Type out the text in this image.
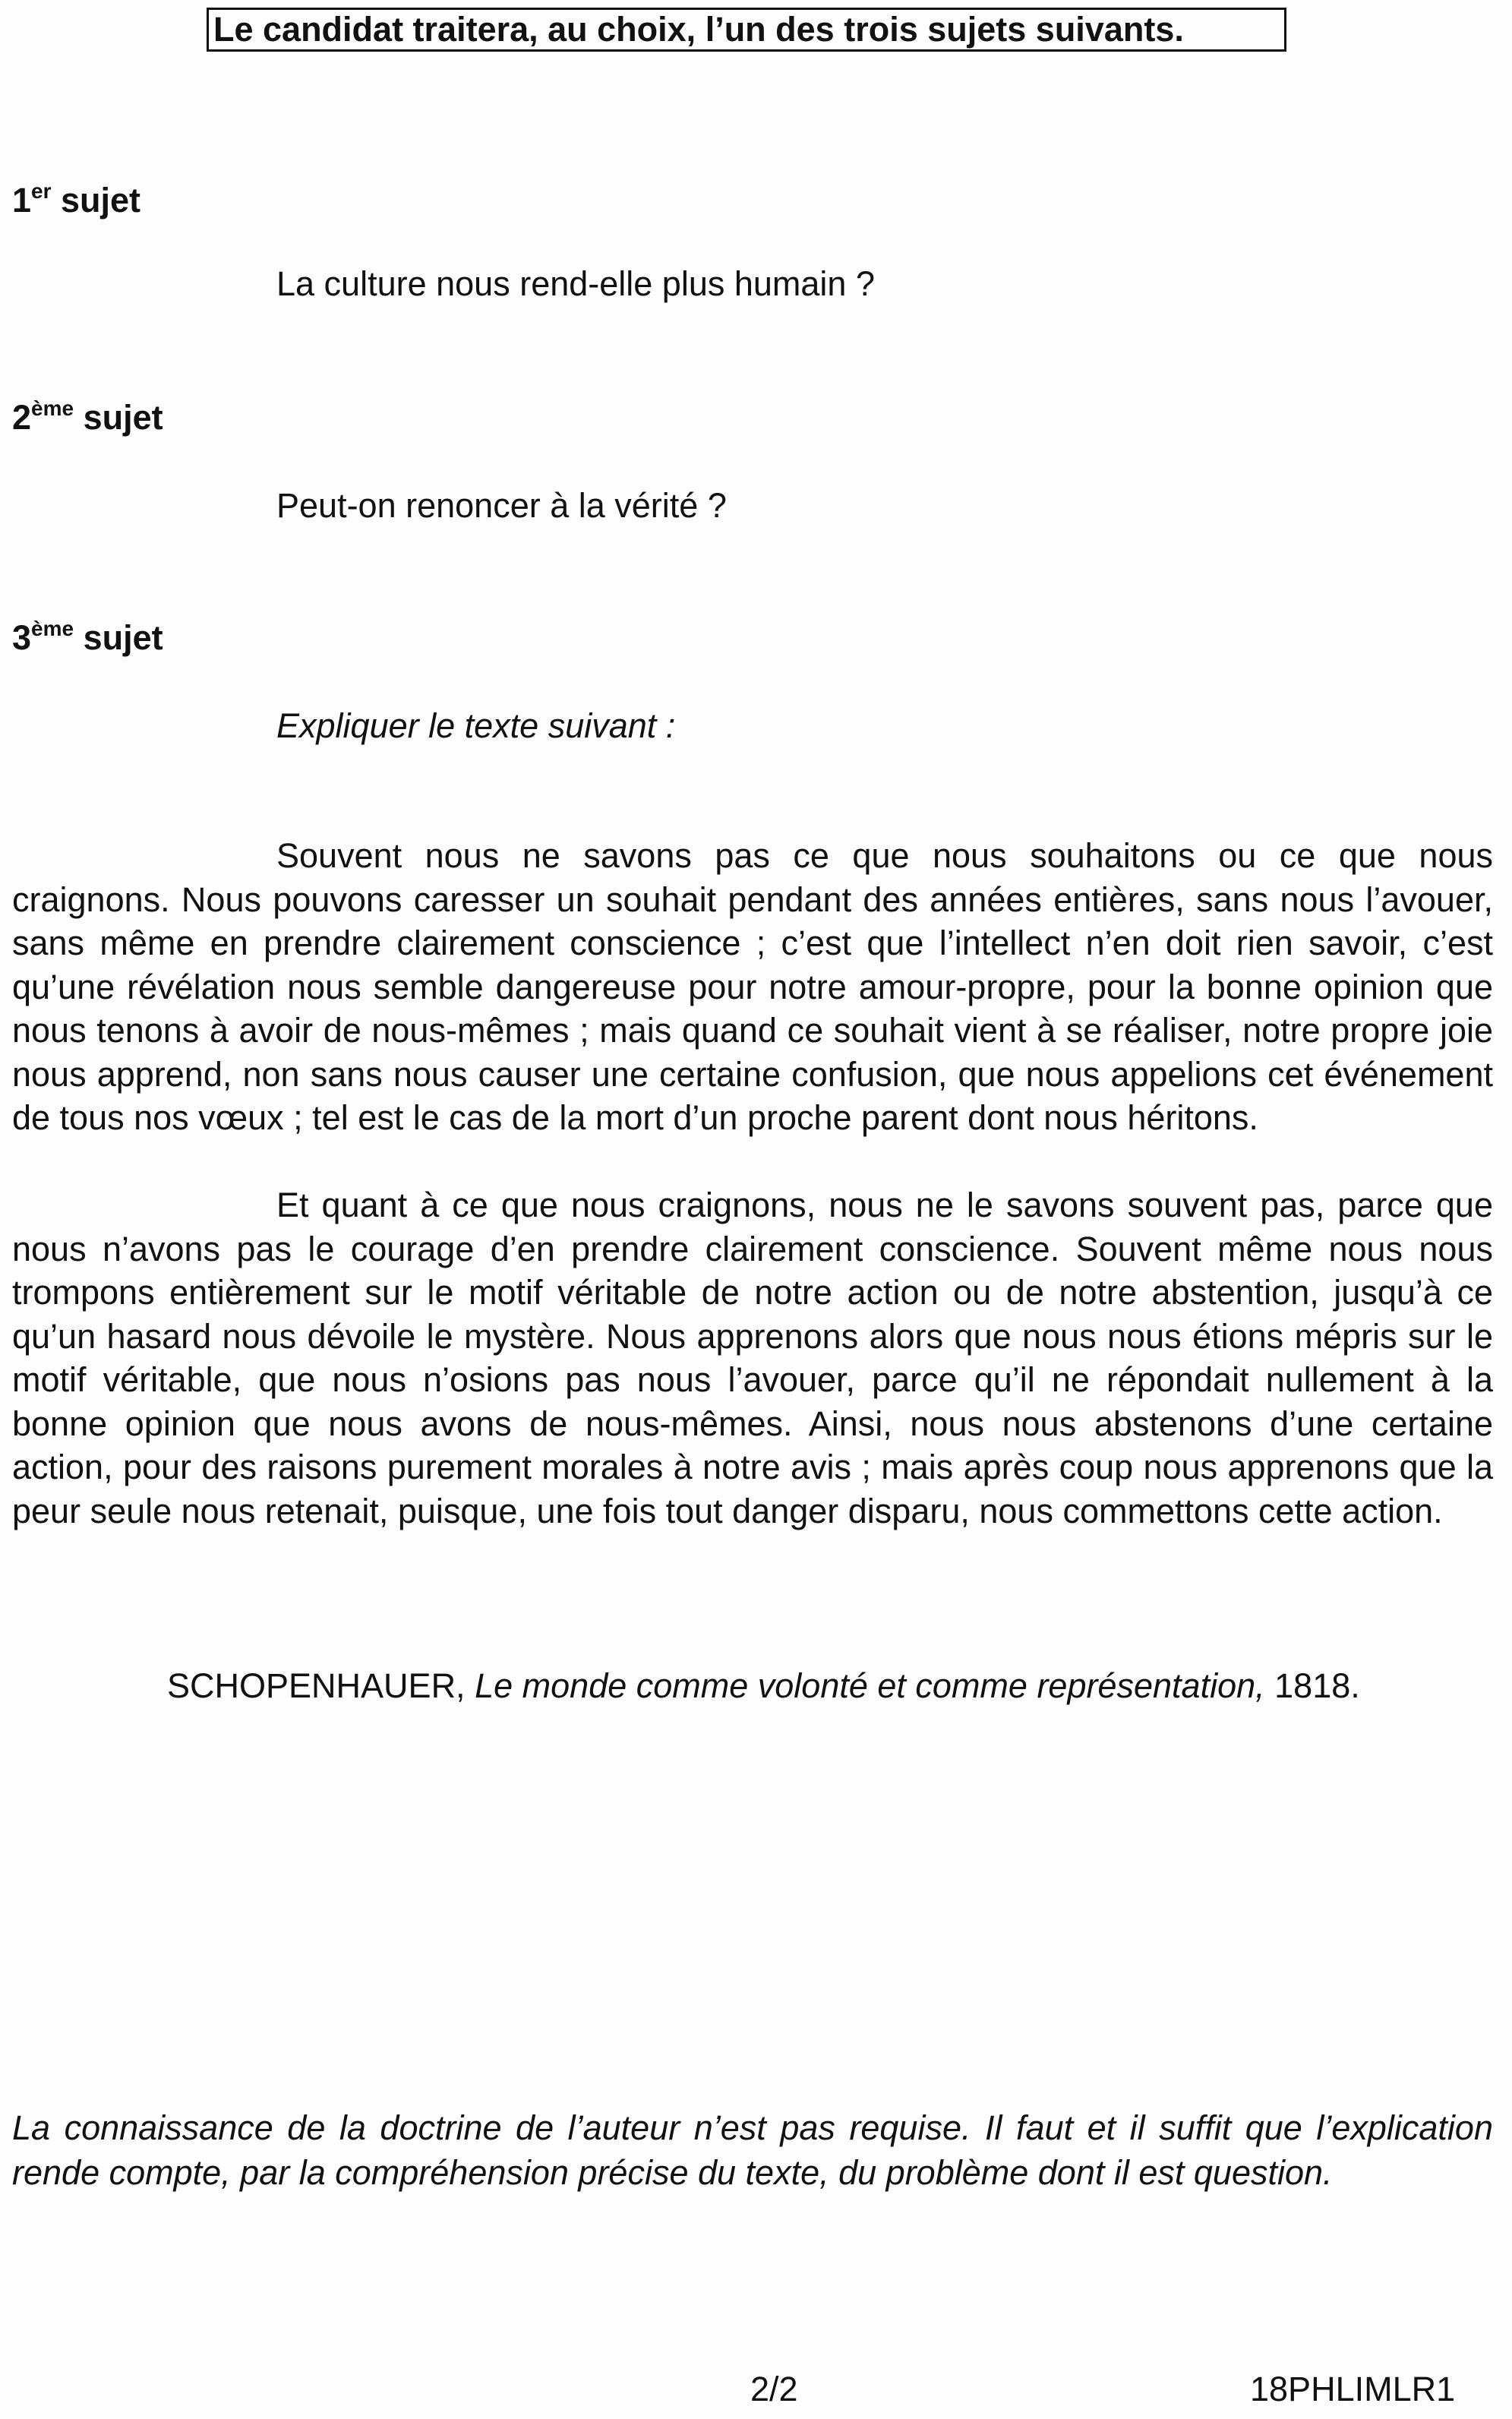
Le candidat traitera, au choix, l’un des trois sujets suivants.
1er sujet
La culture nous rend-elle plus humain ?
2ème sujet
Peut-on renoncer à la vérité ?
3ème sujet
Expliquer le texte suivant :
Souvent nous ne savons pas ce que nous souhaitons ou ce que nous craignons. Nous pouvons caresser un souhait pendant des années entières, sans nous l’avouer, sans même en prendre clairement conscience ; c’est que l’intellect n’en doit rien savoir, c’est qu’une révélation nous semble dangereuse pour notre amour-propre, pour la bonne opinion que nous tenons à avoir de nous-mêmes ; mais quand ce souhait vient à se réaliser, notre propre joie nous apprend, non sans nous causer une certaine confusion, que nous appelions cet événement de tous nos vœux ; tel est le cas de la mort d’un proche parent dont nous héritons.
Et quant à ce que nous craignons, nous ne le savons souvent pas, parce que nous n’avons pas le courage d’en prendre clairement conscience. Souvent même nous nous trompons entièrement sur le motif véritable de notre action ou de notre abstention, jusqu’à ce qu’un hasard nous dévoile le mystère. Nous apprenons alors que nous nous étions mépris sur le motif véritable, que nous n’osions pas nous l’avouer, parce qu’il ne répondait nullement à la bonne opinion que nous avons de nous-mêmes. Ainsi, nous nous abstenons d’une certaine action, pour des raisons purement morales à notre avis ; mais après coup nous apprenons que la peur seule nous retenait, puisque, une fois tout danger disparu, nous commettons cette action.
SCHOPENHAUER, Le monde comme volonté et comme représentation, 1818.
La connaissance de la doctrine de l’auteur n’est pas requise. Il faut et il suffit que l’explication rende compte, par la compréhension précise du texte, du problème dont il est question.
2/2	18PHLIMLR1
